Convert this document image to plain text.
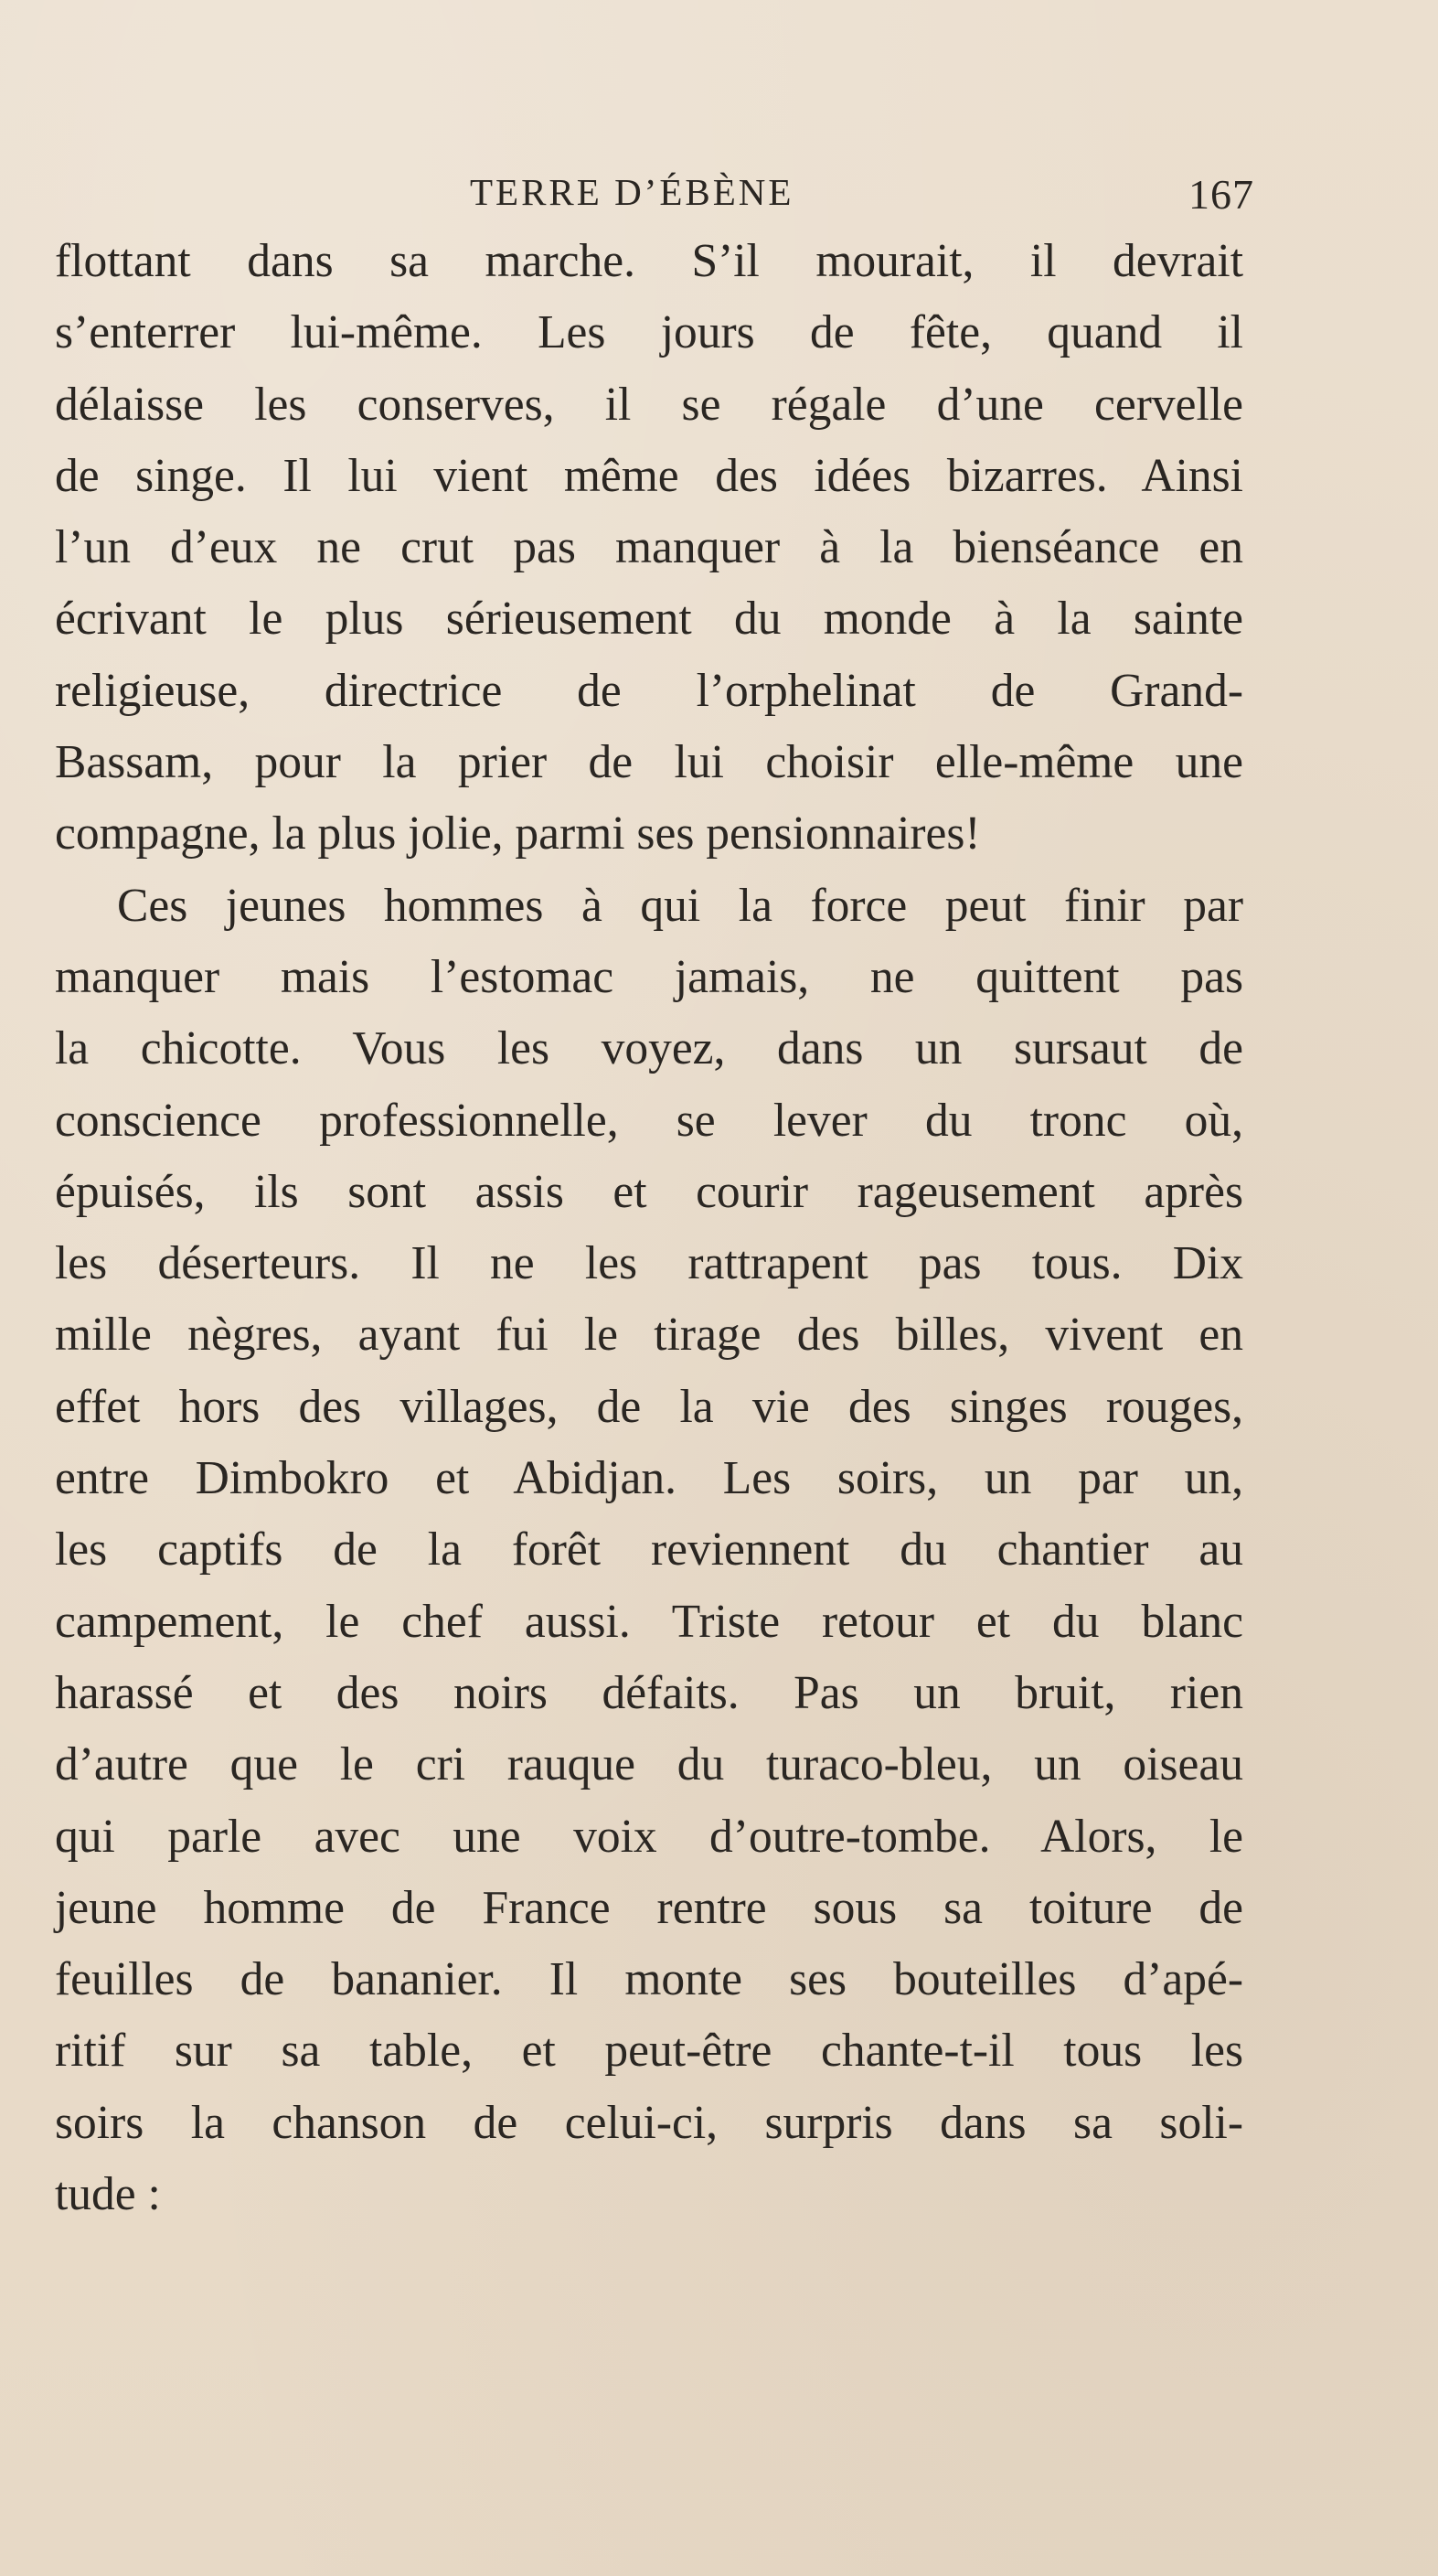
TERRE D’ÉBÈNE	167
flottant dans sa marche. S’il mourait, il devrait
s’enterrer lui-même. Les jours de fête, quand il
délaisse les conserves, il se régale d’une cervelle
de singe. Il lui vient même des idées bizarres. Ainsi
l’un d’eux ne crut pas manquer à la bienséance en
écrivant le plus sérieusement du monde à la sainte
religieuse, directrice de l’orphelinat de Grand-
Bassam, pour la prier de lui choisir elle-même une
compagne, la plus jolie, parmi ses pensionnaires!
Ces jeunes hommes à qui la force peut finir par
manquer mais l’estomac jamais, ne quittent pas
la chicotte. Vous les voyez, dans un sursaut de
conscience professionnelle, se lever du tronc où,
épuisés, ils sont assis et courir rageusement après
les déserteurs. Il ne les rattrapent pas tous. Dix
mille nègres, ayant fui le tirage des billes, vivent en
effet hors des villages, de la vie des singes rouges,
entre Dimbokro et Abidjan. Les soirs, un par un,
les captifs de la forêt reviennent du chantier au
campement, le chef aussi. Triste retour et du blanc
harassé et des noirs défaits. Pas un bruit, rien
d’autre que le cri rauque du turaco-bleu, un oiseau
qui parle avec une voix d’outre-tombe. Alors, le
jeune homme de France rentre sous sa toiture de
feuilles de bananier. Il monte ses bouteilles d’apé-
ritif sur sa table, et peut-être chante-t-il tous les
soirs la chanson de celui-ci, surpris dans sa soli-
tude :
